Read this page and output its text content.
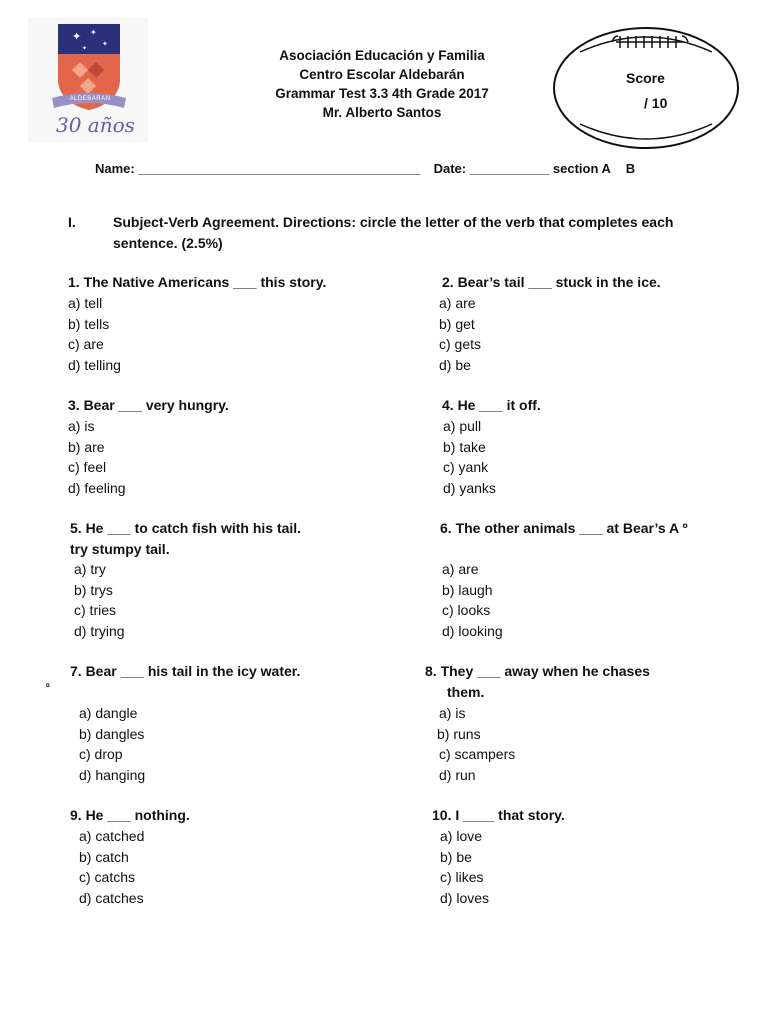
✦ ✦
✦
✦
ALDEBARAN
30 años
Asociación Educación y Familia
Centro Escolar Aldebarán
Grammar Test 3.3 4th Grade 2017
Mr. Alberto Santos
Score
/ 10
Name: _______________________________________ Date: ___________ section A B
I.	Subject-Verb Agreement. Directions: circle the letter of the verb that completes each
sentence. (2.5%)
1. The Native Americans ___ this story.
a) tell
b) tells
c) are
d) telling
2. Bear’s tail ___ stuck in the ice.
a) are
b) get
c) gets
d) be
3. Bear ___ very hungry.
a) is
b) are
c) feel
d) feeling
4. He ___ it off.
a) pull
b) take
c) yank
d) yanks
5. He ___ to catch fish with his tail.
try stumpy tail.
a) try
b) trys
c) tries
d) trying
6. The other animals ___ at Bear’s A º
a) are
b) laugh
c) looks
d) looking
7. Bear ___ his tail in the icy water.
º
a) dangle
b) dangles
c) drop
d) hanging
8. They ___ away when he chases
them.
a) is
b) runs
c) scampers
d) run
9. He ___ nothing.
a) catched
b) catch
c) catchs
d) catches
10. I ____ that story.
a) love
b) be
c) likes
d) loves
